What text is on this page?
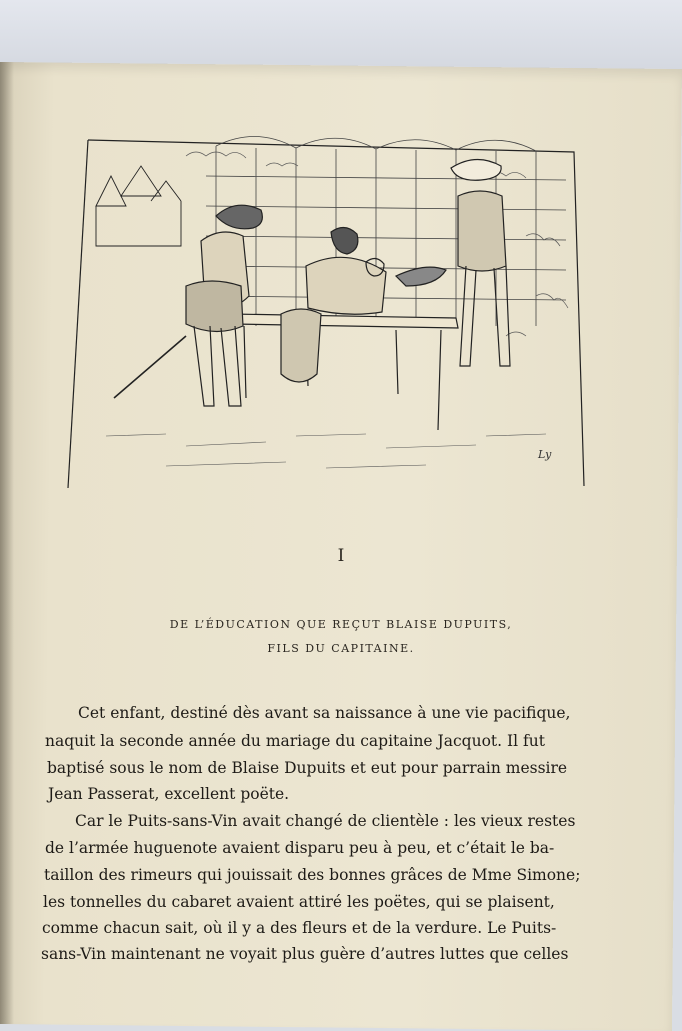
Ly
I
DE L’ÉDUCATION QUE REÇUT BLAISE DUPUITS,
FILS DU CAPITAINE.
Cet enfant, destiné dès avant sa naissance à une vie pacifique,
naquit la seconde année du mariage du capitaine Jacquot. Il fut
baptisé sous le nom de Blaise Dupuits et eut pour parrain messire
Jean Passerat, excellent poëte.
Car le Puits-sans-Vin avait changé de clientèle : les vieux restes
de l’armée huguenote avaient disparu peu à peu, et c’était le ba-
taillon des rimeurs qui jouissait des bonnes grâces de Mme Simone;
les tonnelles du cabaret avaient attiré les poëtes, qui se plaisent,
comme chacun sait, où il y a des fleurs et de la verdure. Le Puits-
sans-Vin maintenant ne voyait plus guère d’autres luttes que celles
